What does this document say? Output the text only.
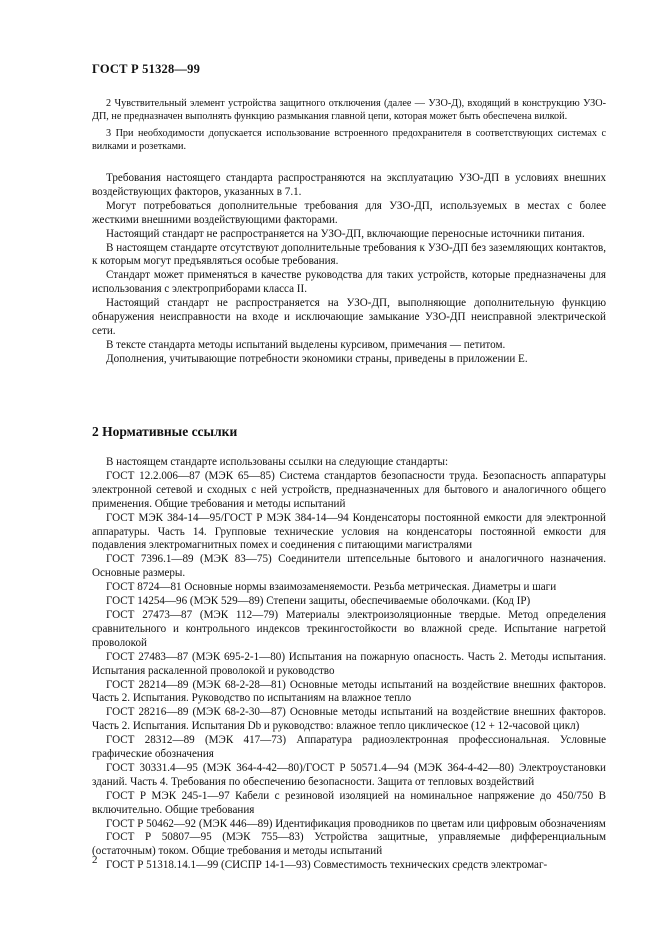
ГОСТ Р 51328—99

2 Чувствительный элемент устройства защитного отключения (далее — УЗО-Д), входящий в конструкцию УЗО-ДП, не предназначен выполнять функцию размыкания главной цепи, которая может быть обеспечена вилкой.

3 При необходимости допускается использование встроенного предохранителя в соответствующих системах с вилками и розетками.

Требования настоящего стандарта распространяются на эксплуатацию УЗО-ДП в условиях внешних воздействующих факторов, указанных в 7.1.

Могут потребоваться дополнительные требования для УЗО-ДП, используемых в местах с более жесткими внешними воздействующими факторами.

Настоящий стандарт не распространяется на УЗО-ДП, включающие переносные источники питания.

В настоящем стандарте отсутствуют дополнительные требования к УЗО-ДП без заземляющих контактов, к которым могут предъявляться особые требования.

Стандарт может применяться в качестве руководства для таких устройств, которые предназначены для использования с электроприборами класса II.

Настоящий стандарт не распространяется на УЗО-ДП, выполняющие дополнительную функцию обнаружения неисправности на входе и исключающие замыкание УЗО-ДП неисправной электрической сети.

В тексте стандарта методы испытаний выделены курсивом, примечания — петитом.

Дополнения, учитывающие потребности экономики страны, приведены в приложении Е.

2 Нормативные ссылки

В настоящем стандарте использованы ссылки на следующие стандарты:

ГОСТ 12.2.006—87 (МЭК 65—85) Система стандартов безопасности труда. Безопасность аппаратуры электронной сетевой и сходных с ней устройств, предназначенных для бытового и аналогичного общего применения. Общие требования и методы испытаний

ГОСТ МЭК 384-14—95/ГОСТ Р МЭК 384-14—94 Конденсаторы постоянной емкости для электронной аппаратуры. Часть 14. Групповые технические условия на конденсаторы постоянной емкости для подавления электромагнитных помех и соединения с питающими магистралями

ГОСТ 7396.1—89 (МЭК 83—75) Соединители штепсельные бытового и аналогичного назначения. Основные размеры.

ГОСТ 8724—81 Основные нормы взаимозаменяемости. Резьба метрическая. Диаметры и шаги

ГОСТ 14254—96 (МЭК 529—89) Степени защиты, обеспечиваемые оболочками. (Код IP)

ГОСТ 27473—87 (МЭК 112—79) Материалы электроизоляционные твердые. Метод определения сравнительного и контрольного индексов трекингостойкости во влажной среде. Испытание нагретой проволокой

ГОСТ 27483—87 (МЭК 695-2-1—80) Испытания на пожарную опасность. Часть 2. Методы испытания. Испытания раскаленной проволокой и руководство

ГОСТ 28214—89 (МЭК 68-2-28—81) Основные методы испытаний на воздействие внешних факторов. Часть 2. Испытания. Руководство по испытаниям на влажное тепло

ГОСТ 28216—89 (МЭК 68-2-30—87) Основные методы испытаний на воздействие внешних факторов. Часть 2. Испытания. Испытания Db и руководство: влажное тепло циклическое (12 + 12-часовой цикл)

ГОСТ 28312—89 (МЭК 417—73) Аппаратура радиоэлектронная профессиональная. Условные графические обозначения

ГОСТ 30331.4—95 (МЭК 364-4-42—80)/ГОСТ Р 50571.4—94 (МЭК 364-4-42—80) Электроустановки зданий. Часть 4. Требования по обеспечению безопасности. Защита от тепловых воздействий

ГОСТ Р МЭК 245-1—97 Кабели с резиновой изоляцией на номинальное напряжение до 450/750 В включительно. Общие требования

ГОСТ Р 50462—92 (МЭК 446—89) Идентификация проводников по цветам или цифровым обозначениям

ГОСТ Р 50807—95 (МЭК 755—83) Устройства защитные, управляемые дифференциальным (остаточным) током. Общие требования и методы испытаний

ГОСТ Р 51318.14.1—99 (СИСПР 14-1—93) Совместимость технических средств электромаг-

2
